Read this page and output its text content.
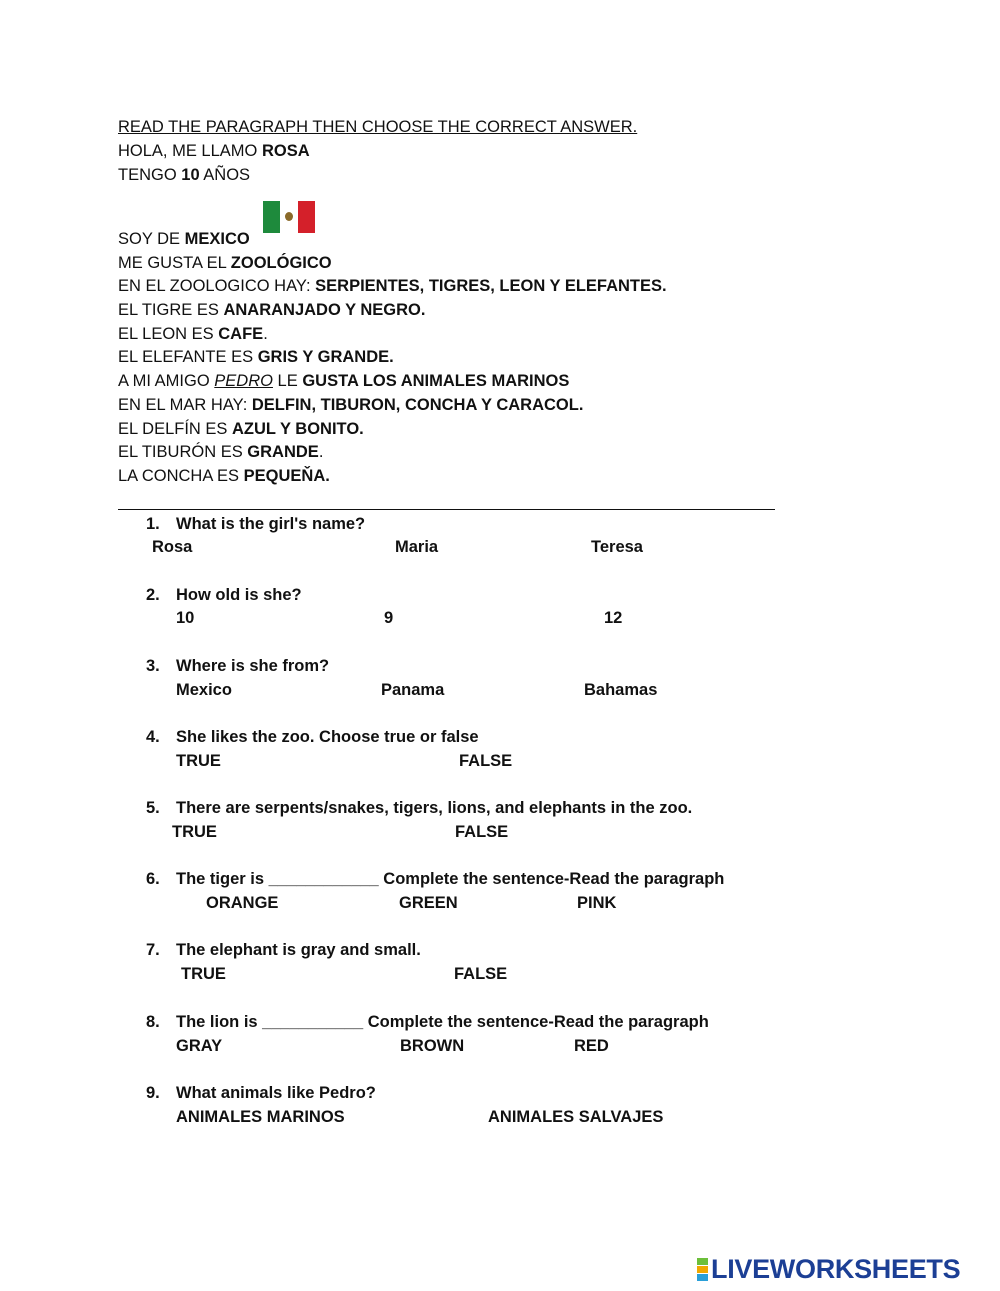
READ THE PARAGRAPH THEN CHOOSE THE CORRECT ANSWER.
HOLA, ME LLAMO ROSA
TENGO 10 AÑOS
SOY DE MEXICO
ME GUSTA EL ZOOLÓGICO
EN EL ZOOLOGICO HAY: SERPIENTES, TIGRES, LEON Y ELEFANTES.
EL TIGRE ES ANARANJADO Y NEGRO.
EL LEON ES CAFE.
EL ELEFANTE ES GRIS Y GRANDE.
A MI AMIGO PEDRO LE GUSTA LOS ANIMALES MARINOS
EN EL MAR HAY: DELFIN, TIBURON, CONCHA Y CARACOL.
EL DELFÍN ES AZUL Y BONITO.
EL TIBURÓN ES GRANDE.
LA CONCHA ES PEQUEŇA.
1. What is the girl's name?
Rosa	Maria	Teresa
2. How old is she?
10	9	12
3. Where is she from?
Mexico	Panama	Bahamas
4. She likes the zoo. Choose true or false
TRUE	FALSE
5. There are serpents/snakes, tigers, lions, and elephants in the zoo.
TRUE	FALSE
6. The tiger is ____________ Complete the sentence-Read the paragraph
ORANGE	GREEN	PINK
7. The elephant is gray and small.
TRUE	FALSE
8. The lion is ___________ Complete the sentence-Read the paragraph
GRAY	BROWN	RED
9. What animals like Pedro?
ANIMALES MARINOS	ANIMALES SALVAJES
LIVEWORKSHEETS
